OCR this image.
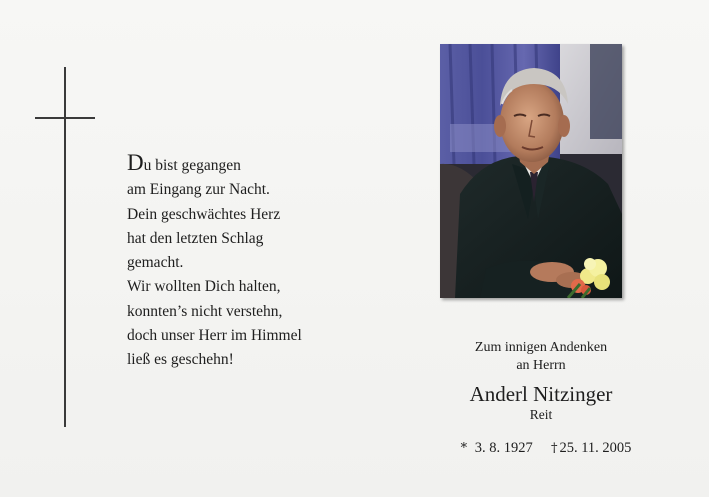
Du bist gegangen
am Eingang zur Nacht.
Dein geschwächtes Herz
hat den letzten Schlag
gemacht.
Wir wollten Dich halten,
konnten’s nicht verstehn,
doch unser Herr im Himmel
ließ es geschehn!
Zum innigen Andenken
an Herrn
Anderl Nitzinger
Reit
* 3. 8. 1927 † 25. 11. 2005
